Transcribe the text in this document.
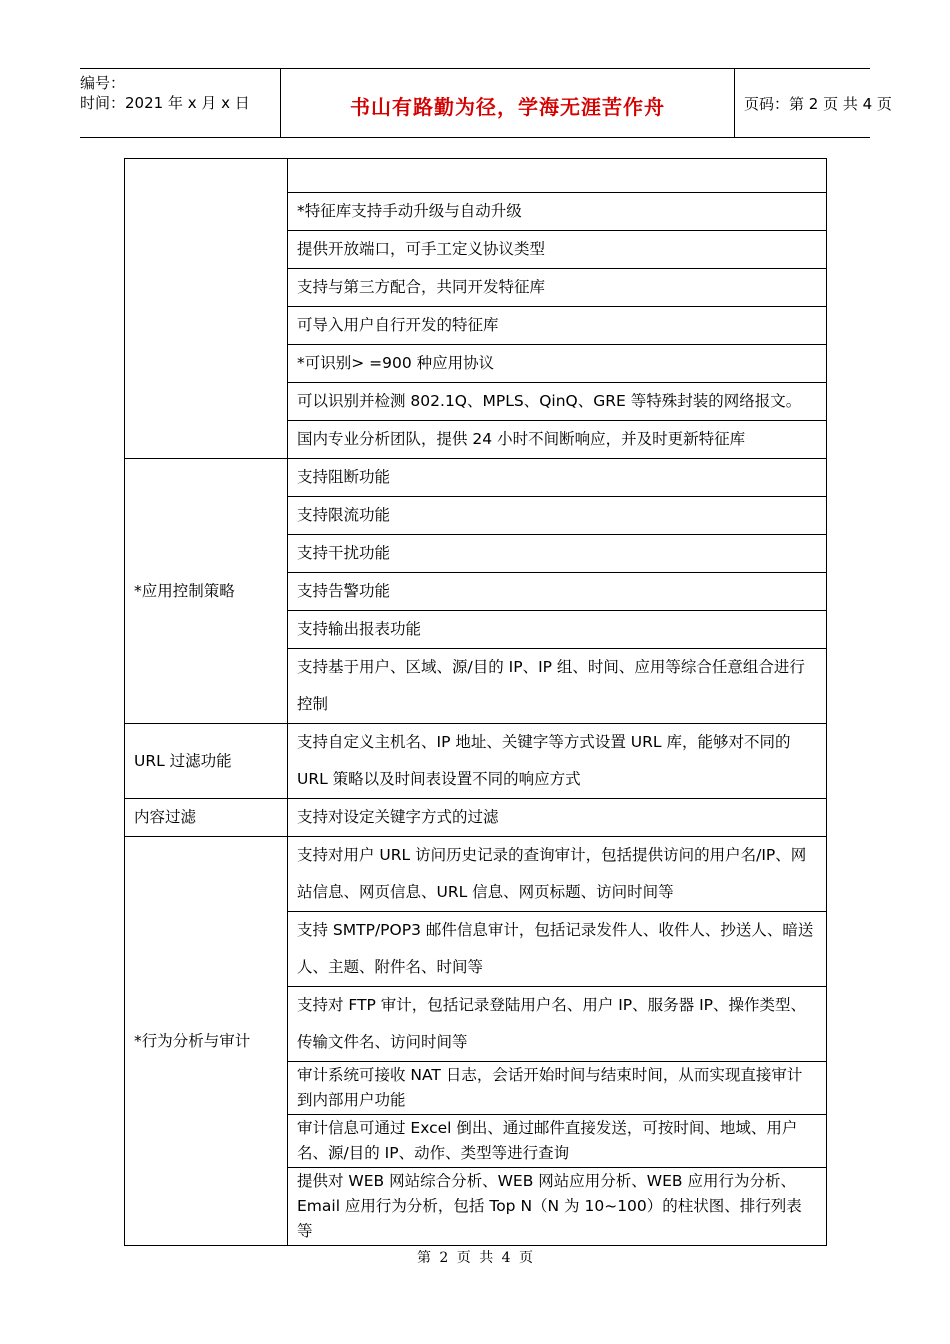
编号：
时间：2021 年 x 月 x 日	书山有路勤为径，学海无涯苦作舟	页码：第 2 页 共 4 页

	*特征库支持手动升级与自动升级
	提供开放端口，可手工定义协议类型
	支持与第三方配合，共同开发特征库
	可导入用户自行开发的特征库
	*可识别> =900 种应用协议
	可以识别并检测 802.1Q、MPLS、QinQ、GRE 等特殊封装的网络报文。
	国内专业分析团队，提供 24 小时不间断响应，并及时更新特征库
*应用控制策略	支持阻断功能
	支持限流功能
	支持干扰功能
	支持告警功能
	支持输出报表功能
	支持基于用户、区域、源/目的 IP、IP 组、时间、应用等综合任意组合进行控制
URL 过滤功能	支持自定义主机名、IP 地址、关键字等方式设置 URL 库，能够对不同的 URL 策略以及时间表设置不同的响应方式
内容过滤	支持对设定关键字方式的过滤
*行为分析与审计	支持对用户 URL 访问历史记录的查询审计，包括提供访问的用户名/IP、网站信息、网页信息、URL 信息、网页标题、访问时间等
	支持 SMTP/POP3 邮件信息审计，包括记录发件人、收件人、抄送人、暗送人、主题、附件名、时间等
	支持对 FTP 审计，包括记录登陆用户名、用户 IP、服务器 IP、操作类型、传输文件名、访问时间等
	审计系统可接收 NAT 日志，会话开始时间与结束时间，从而实现直接审计到内部用户功能
	审计信息可通过 Excel 倒出、通过邮件直接发送，可按时间、地域、用户名、源/目的 IP、动作、类型等进行查询
	提供对 WEB 网站综合分析、WEB 网站应用分析、WEB 应用行为分析、Email 应用行为分析，包括 Top N（N 为 10~100）的柱状图、排行列表等
第 2 页 共 4 页
